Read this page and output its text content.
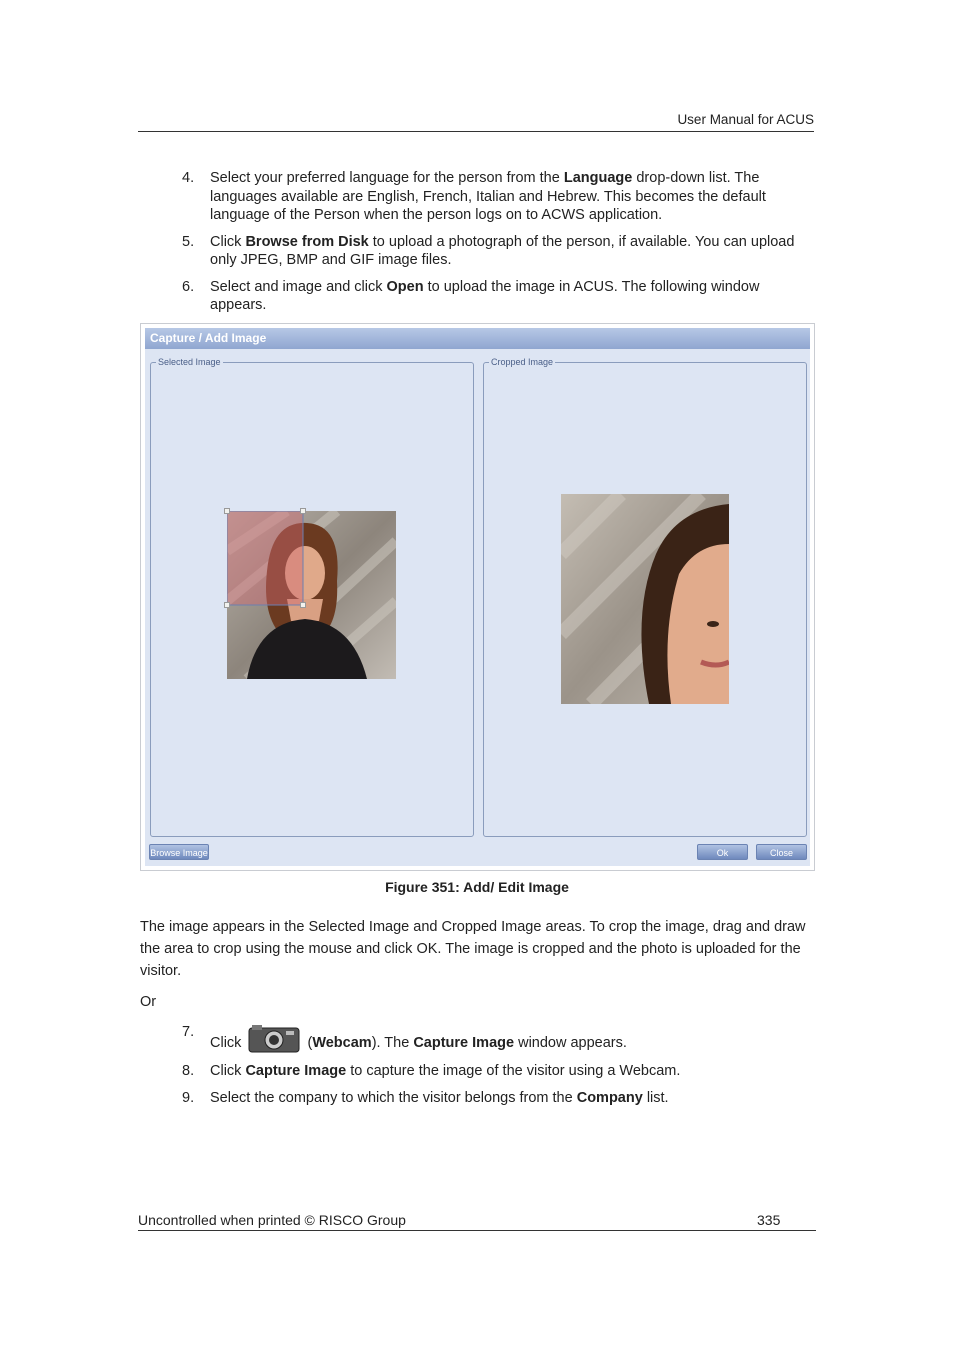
User Manual for ACUS
4. Select your preferred language for the person from the Language drop-down list. The languages available are English, French, Italian and Hebrew. This becomes the default language of the Person when the person logs on to ACWS application.
5. Click Browse from Disk to upload a photograph of the person, if available. You can upload only JPEG, BMP and GIF image files.
6. Select and image and click Open to upload the image in ACUS. The following window appears.
Capture / Add Image
Selected Image	Cropped Image
Browse Image	Ok	Close
Figure 351: Add/ Edit Image
The image appears in the Selected Image and Cropped Image areas. To crop the image, drag and draw the area to crop using the mouse and click OK. The image is cropped and the photo is uploaded for the visitor.
Or
7.
Click	(Webcam). The Capture Image window appears.
8. Click Capture Image to capture the image of the visitor using a Webcam.
9. Select the company to which the visitor belongs from the Company list.
Uncontrolled when printed © RISCO Group	335
